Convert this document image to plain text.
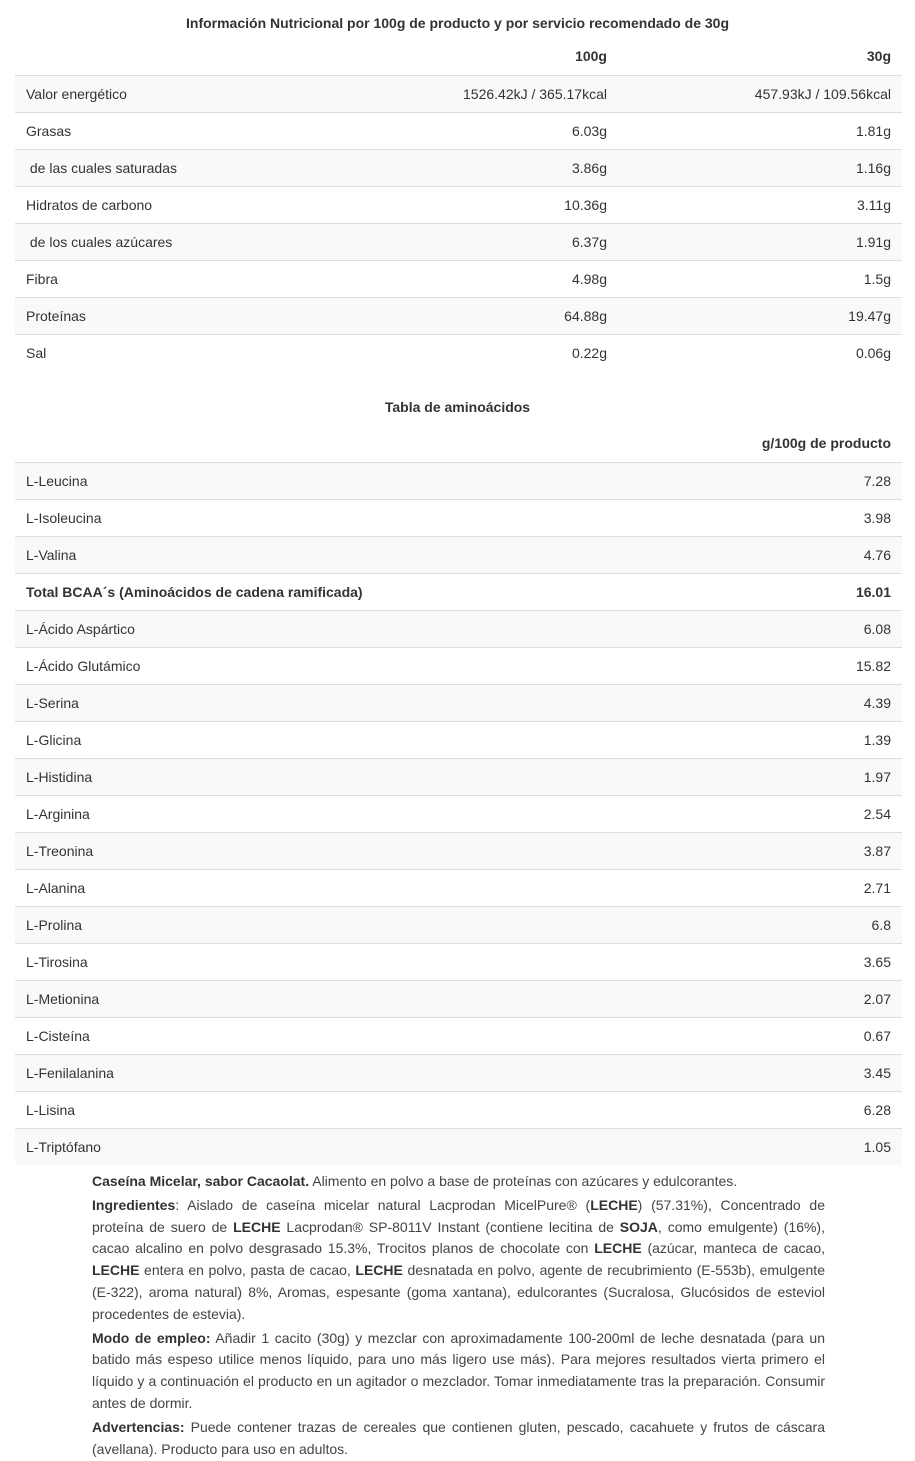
Información Nutricional por 100g de producto y por servicio recomendado de 30g
	100g	30g
Valor energético	1526.42kJ / 365.17kcal	457.93kJ / 109.56kcal
Grasas	6.03g	1.81g
de las cuales saturadas	3.86g	1.16g
Hidratos de carbono	10.36g	3.11g
de los cuales azúcares	6.37g	1.91g
Fibra	4.98g	1.5g
Proteínas	64.88g	19.47g
Sal	0.22g	0.06g
Tabla de aminoácidos
	g/100g de producto
L-Leucina	7.28
L-Isoleucina	3.98
L-Valina	4.76
Total BCAA´s (Aminoácidos de cadena ramificada)	16.01
L-Ácido Aspártico	6.08
L-Ácido Glutámico	15.82
L-Serina	4.39
L-Glicina	1.39
L-Histidina	1.97
L-Arginina	2.54
L-Treonina	3.87
L-Alanina	2.71
L-Prolina	6.8
L-Tirosina	3.65
L-Metionina	2.07
L-Cisteína	0.67
L-Fenilalanina	3.45
L-Lisina	6.28
L-Triptófano	1.05

Caseína Micelar, sabor Cacaolat. Alimento en polvo a base de proteínas con azúcares y edulcorantes.

Ingredientes: Aislado de caseína micelar natural Lacprodan MicelPure® (LECHE) (57.31%), Concentrado de proteína de suero de LECHE Lacprodan® SP-8011V Instant (contiene lecitina de SOJA, como emulgente) (16%), cacao alcalino en polvo desgrasado 15.3%, Trocitos planos de chocolate con LECHE (azúcar, manteca de cacao, LECHE entera en polvo, pasta de cacao, LECHE desnatada en polvo, agente de recubrimiento (E-553b), emulgente (E-322), aroma natural) 8%, Aromas, espesante (goma xantana), edulcorantes (Sucralosa, Glucósidos de esteviol procedentes de estevia).

Modo de empleo: Añadir 1 cacito (30g) y mezclar con aproximadamente 100-200ml de leche desnatada (para un batido más espeso utilice menos líquido, para uno más ligero use más). Para mejores resultados vierta primero el líquido y a continuación el producto en un agitador o mezclador. Tomar inmediatamente tras la preparación. Consumir antes de dormir.

Advertencias: Puede contener trazas de cereales que contienen gluten, pescado, cacahuete y frutos de cáscara (avellana). Producto para uso en adultos.
